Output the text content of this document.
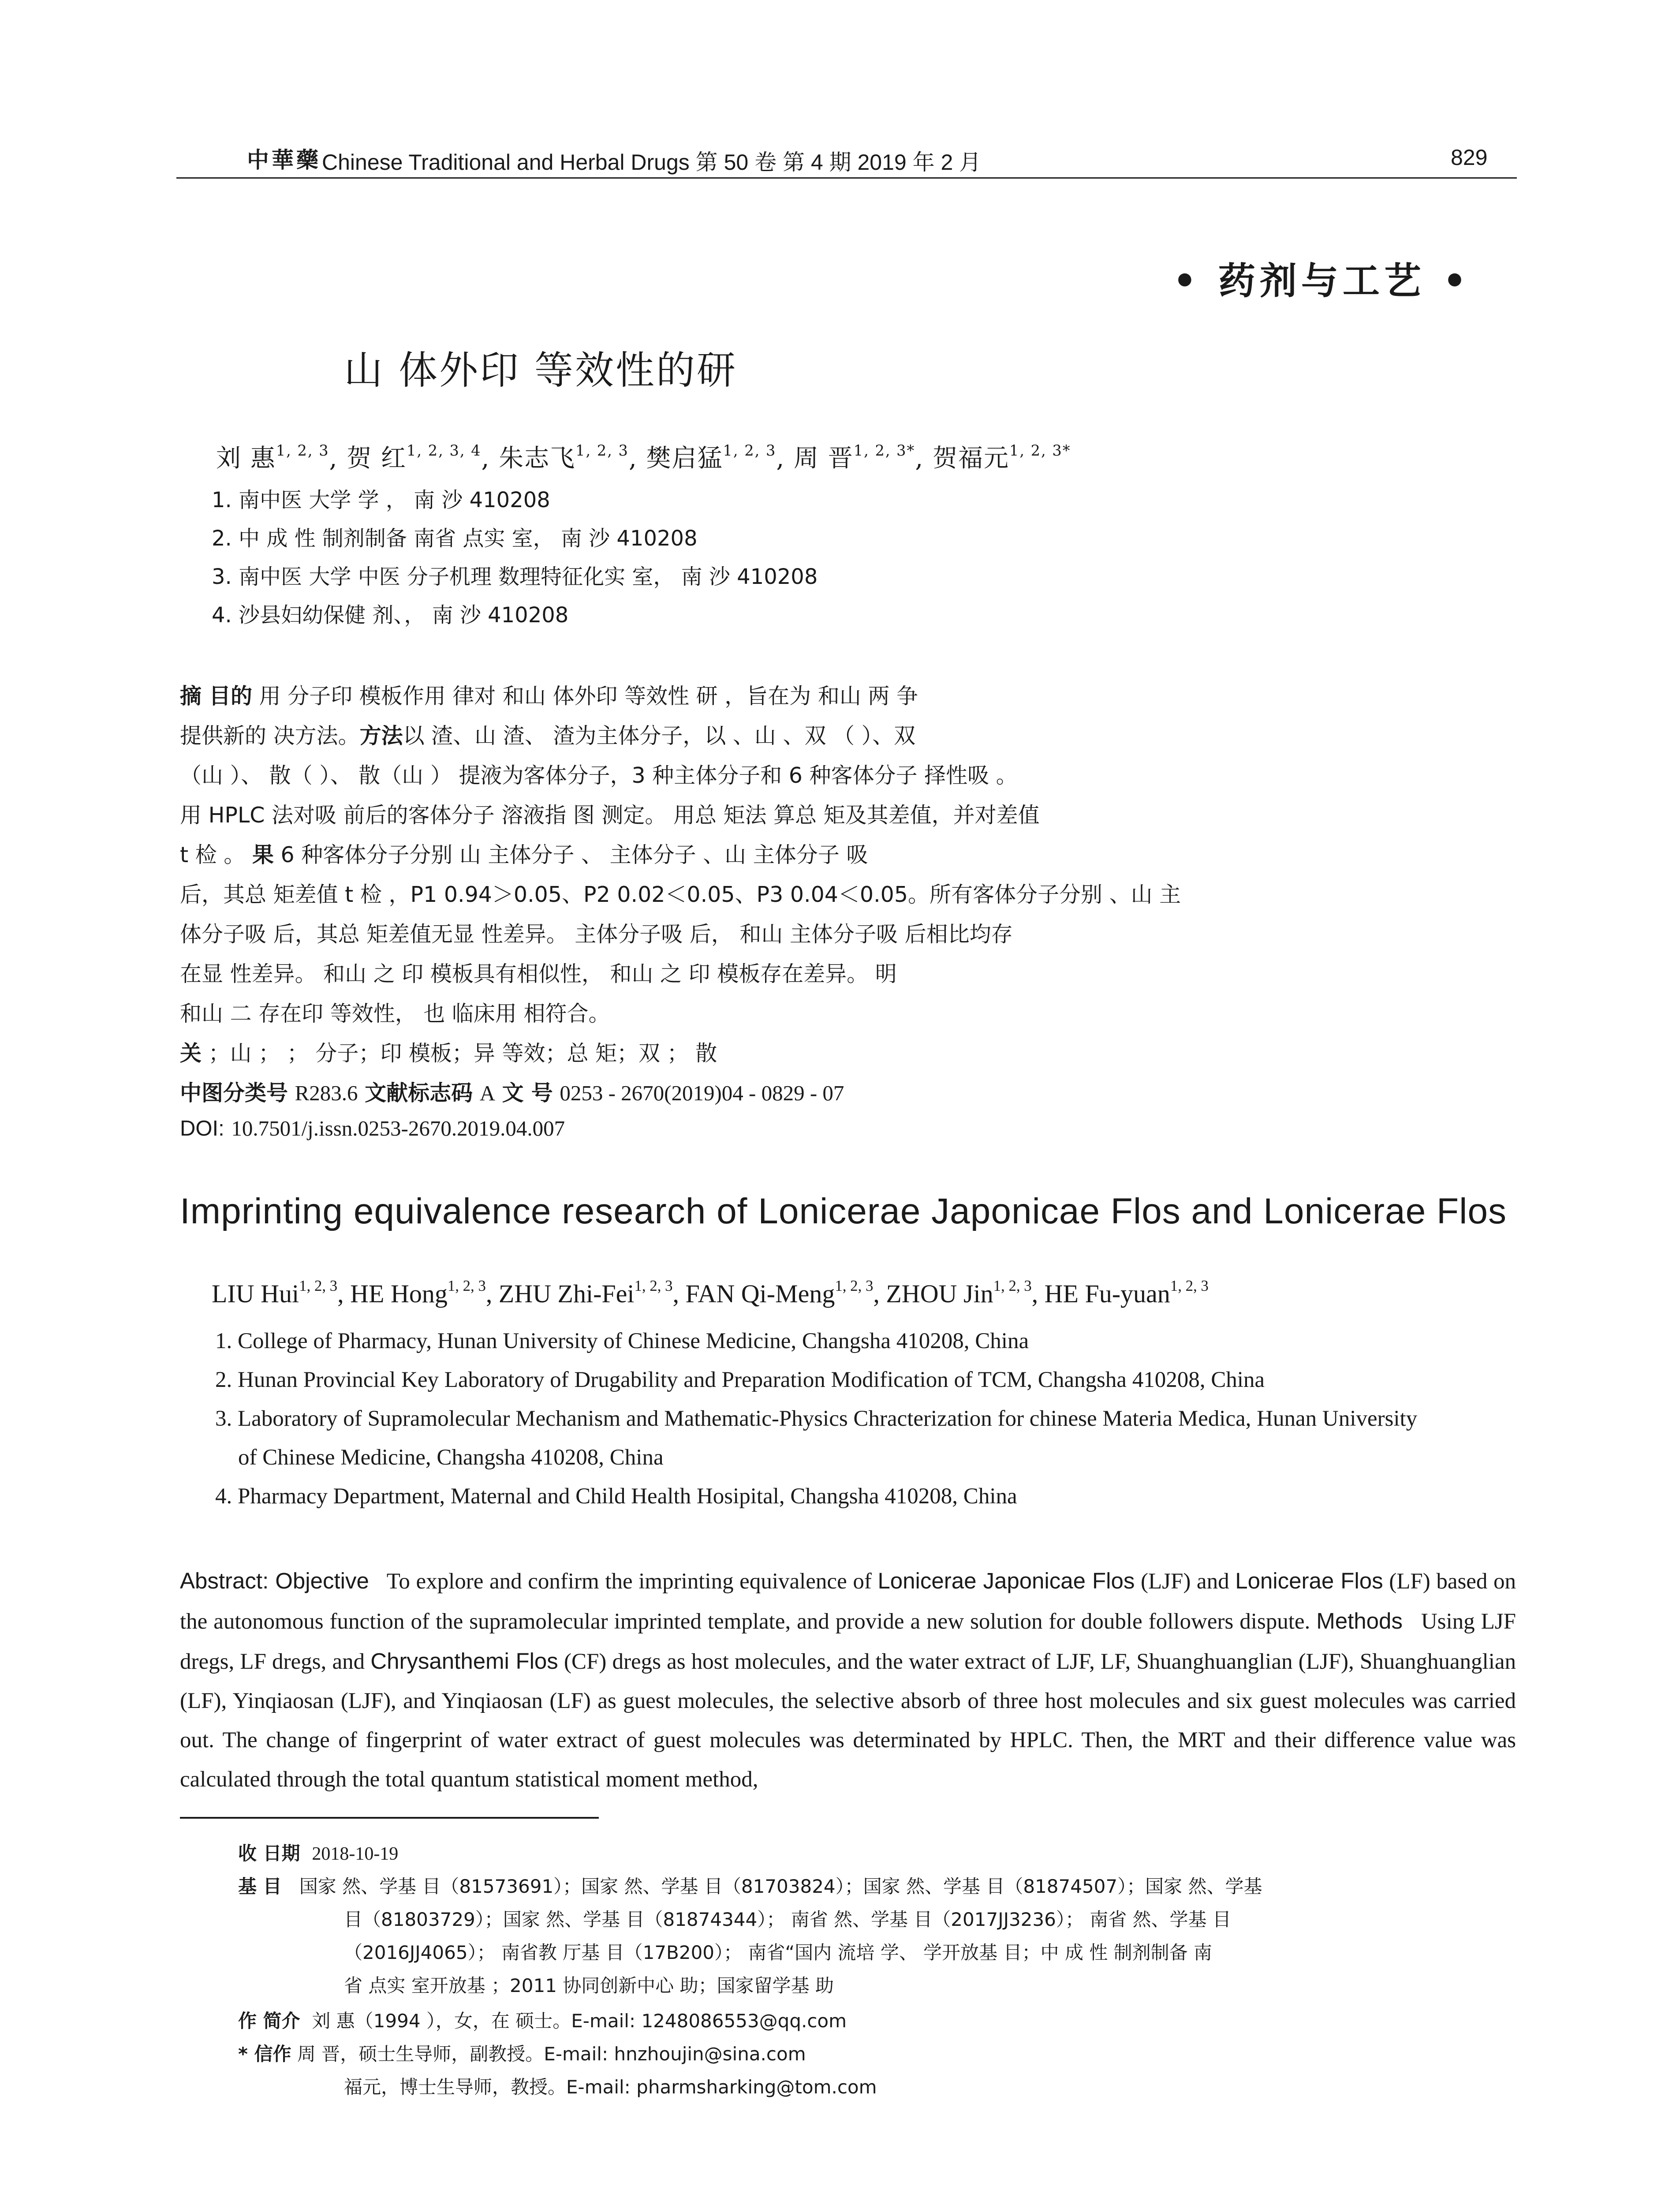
中華藥 Chinese Traditional and Herbal Drugs 第 50 卷 第 4 期 2019 年 2 月	829
• 药剂与工艺 •
山 体外印 等效性的研
刘 惠$^{1, 2, 3}$, 贺 红$^{1, 2, 3, 4}$, 朱志飞$^{1, 2, 3}$, 樊启猛$^{1, 2, 3}$, 周 晋$^{1, 2, 3*}$, 贺福元$^{1, 2, 3*}$
1. 南中医 大学 学 ， 南 沙 410208
2. 中 成 性 制剂制备 南省 点实 室， 南 沙 410208
3. 南中医 大学 中医 分子机理 数理特征化实 室， 南 沙 410208
4. 沙县妇幼保健 剂、， 南 沙 410208
摘 目的 用 分子印 模板作用 律对 和山 体外印 等效性 研 ，旨在为 和山 两 争
提供新的 决方法。方法以 渣、山 渣、 渣为主体分子，以 、山 、双 （ ）、双
（山 ）、 散（ ）、 散（山 ） 提液为客体分子，3 种主体分子和 6 种客体分子 择性吸 。
用 HPLC 法对吸 前后的客体分子 溶液指 图 测定。 用总 矩法 算总 矩及其差值，并对差值
t 检 。 果 6 种客体分子分别 山 主体分子 、 主体分子 、山 主体分子 吸
后，其总 矩差值 t 检 ，P1 0.94＞0.05、P2 0.02＜0.05、P3 0.04＜0.05。所有客体分子分别 、山 主
体分子吸 后，其总 矩差值无显 性差异。 主体分子吸 后， 和山 主体分子吸 后相比均存
在显 性差异。 和山 之 印 模板具有相似性， 和山 之 印 模板存在差异。 明
和山 二 存在印 等效性， 也 临床用 相符合。
关 ；山 ； ； 分子；印 模板；异 等效；总 矩；双 ； 散
中图分类号 R283.6 文献标志码 A 文 号 0253 - 2670(2019)04 - 0829 - 07
DOI: 10.7501/j.issn.0253-2670.2019.04.007
Imprinting equivalence research of Lonicerae Japonicae Flos and Lonicerae Flos
LIU Hui$^{1, 2, 3}$, HE Hong$^{1, 2, 3}$, ZHU Zhi-Fei$^{1, 2, 3}$, FAN Qi-Meng$^{1, 2, 3}$, ZHOU Jin$^{1, 2, 3}$, HE Fu-yuan$^{1, 2, 3}$
1. College of Pharmacy, Hunan University of Chinese Medicine, Changsha 410208, China
2. Hunan Provincial Key Laboratory of Drugability and Preparation Modification of TCM, Changsha 410208, China
3. Laboratory of Supramolecular Mechanism and Mathematic-Physics Chracterization for chinese Materia Medica, Hunan University
of Chinese Medicine, Changsha 410208, China
4. Pharmacy Department, Maternal and Child Health Hosipital, Changsha 410208, China
Abstract: Objective To explore and confirm the imprinting equivalence of Lonicerae Japonicae Flos (LJF) and Lonicerae Flos (LF) based on the autonomous function of the supramolecular imprinted template, and provide a new solution for double followers dispute. Methods Using LJF dregs, LF dregs, and Chrysanthemi Flos (CF) dregs as host molecules, and the water extract of LJF, LF, Shuanghuanglian (LJF), Shuanghuanglian (LF), Yinqiaosan (LJF), and Yinqiaosan (LF) as guest molecules, the selective absorb of three host molecules and six guest molecules was carried out. The change of fingerprint of water extract of guest molecules was determinated by HPLC. Then, the MRT and their difference value was calculated through the total quantum statistical moment method,
收 日期 2018-10-19
基 目 国家 然、学基 目（81573691）；国家 然、学基 目（81703824）；国家 然、学基 目（81874507）；国家 然、学基
目（81803729）；国家 然、学基 目（81874344）； 南省 然、学基 目（2017JJ3236）； 南省 然、学基 目
（2016JJ4065）； 南省教 厅基 目（17B200）； 南省“国内 流培 学、 学开放基 目；中 成 性 制剂制备 南
省 点实 室开放基 ；2011 协同创新中心 助；国家留学基 助
作 简介 刘 惠（1994 ），女，在 硕士。E-mail: 1248086553@qq.com
* 信作 周 晋，硕士生导师，副教授。E-mail: hnzhoujin@sina.com
福元，博士生导师，教授。E-mail: pharmsharking@tom.com
